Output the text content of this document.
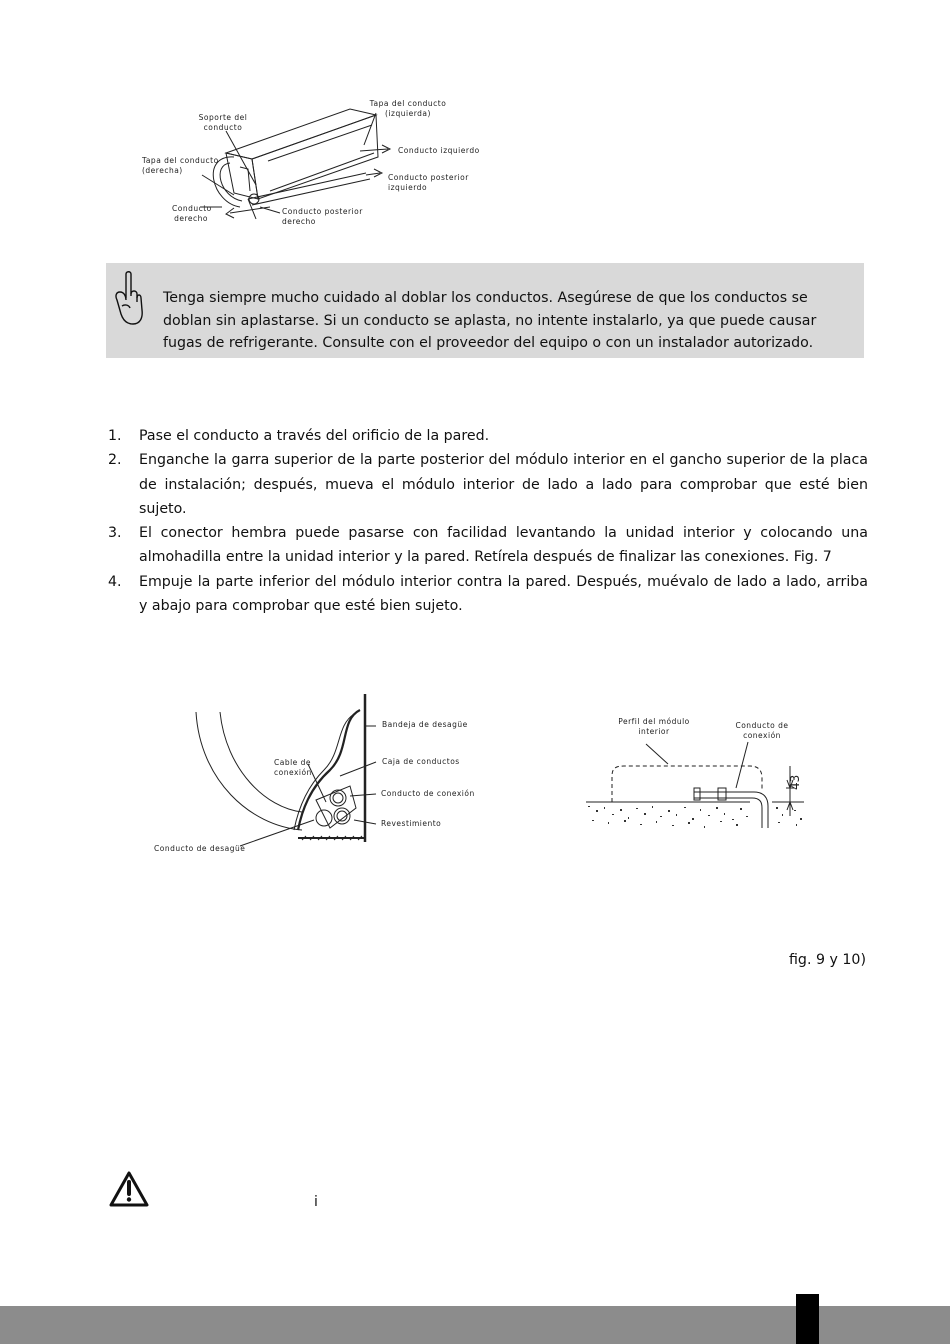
Tapa del conducto
(izquierda)
Soporte del
conducto
Tapa del conducto
(derecha)
Conducto izquierdo
Conducto posterior
izquierdo
Conducto
derecho
Conducto posterior
derecho
Tenga siempre mucho cuidado al doblar los conductos. Asegúrese de que los conductos se doblan sin aplastarse. Si un conducto se aplasta, no intente instalarlo, ya que puede causar fugas de refrigerante. Consulte con el proveedor del equipo o con un instalador autorizado.
1. Pase el conducto a través del orificio de la pared.
2. Enganche la garra superior de la parte posterior del módulo interior en el gancho superior de la placa de instalación; después, mueva el módulo interior de lado a lado para comprobar que esté bien sujeto.
3. El conector hembra puede pasarse con facilidad levantando la unidad interior y colocando una almohadilla entre la unidad interior y la pared. Retírela después de finalizar las conexiones. Fig. 7
4. Empuje la parte inferior del módulo interior contra la pared. Después, muévalo de lado a lado, arriba y abajo para comprobar que esté bien sujeto.
Bandeja de desagüe
Caja de conductos
Cable de
conexión
Conducto de conexión
Revestimiento
Conducto de desagüe
Perfil del módulo
interior
Conducto de
conexión
43
fig. 9 y 10)
i
